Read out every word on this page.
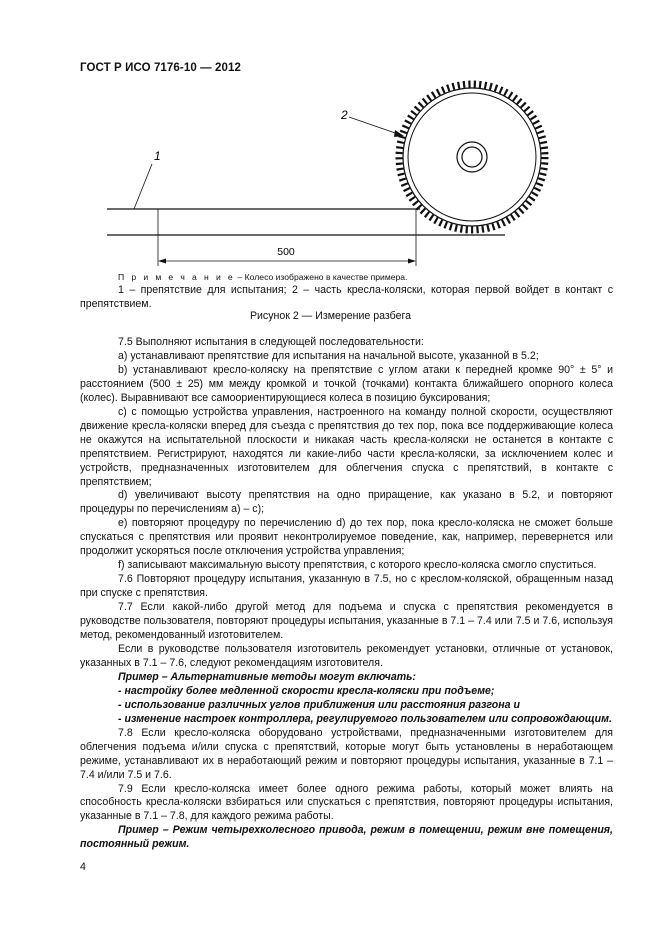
ГОСТ Р ИСО 7176-10 — 2012
500
1
2
П р и м е ч а н и е – Колесо изображено в качестве примера.
1 – препятствие для испытания; 2 – часть кресла-коляски, которая первой войдет в контакт с препятствием.
Рисунок 2 — Измерение разбега

7.5 Выполняют испытания в следующей последовательности:

a) устанавливают препятствие для испытания на начальной высоте, указанной в 5.2;

b) устанавливают кресло-коляску на препятствие с углом атаки к передней кромке 90° ± 5° и расстоянием (500 ± 25) мм между кромкой и точкой (точками) контакта ближайшего опорного колеса (колес). Выравнивают все самоориентирующиеся колеса в позицию буксирования;

c) с помощью устройства управления, настроенного на команду полной скорости, осуществляют движение кресла-коляски вперед для съезда с препятствия до тех пор, пока все поддерживающие колеса не окажутся на испытательной плоскости и никакая часть кресла-коляски не останется в контакте с препятствием. Регистрируют, находятся ли какие-либо части кресла-коляски, за исключением колес и устройств, предназначенных изготовителем для облегчения спуска с препятствий, в контакте с препятствием;

d) увеличивают высоту препятствия на одно приращение, как указано в 5.2, и повторяют процедуры по перечислениям a) – c);

e) повторяют процедуру по перечислению d) до тех пор, пока кресло-коляска не сможет больше спускаться с препятствия или проявит неконтролируемое поведение, как, например, перевернется или продолжит ускоряться после отключения устройства управления;

f) записывают максимальную высоту препятствия, с которого кресло-коляска смогло спуститься.

7.6 Повторяют процедуру испытания, указанную в 7.5, но с креслом-коляской, обращенным назад при спуске с препятствия.

7.7 Если какой-либо другой метод для подъема и спуска с препятствия рекомендуется в руководстве пользователя, повторяют процедуры испытания, указанные в 7.1 – 7.4 или 7.5 и 7.6, используя метод, рекомендованный изготовителем.

Если в руководстве пользователя изготовитель рекомендует установки, отличные от установок, указанных в 7.1 – 7.6, следуют рекомендациям изготовителя.

Пример – Альтернативные методы могут включать:

- настройку более медленной скорости кресла-коляски при подъеме;

- использование различных углов приближения или расстояния разгона и

- изменение настроек контроллера, регулируемого пользователем или сопровождающим.

7.8 Если кресло-коляска оборудовано устройствами, предназначенными изготовителем для облегчения подъема и/или спуска с препятствий, которые могут быть установлены в неработающем режиме, устанавливают их в неработающий режим и повторяют процедуры испытания, указанные в 7.1 – 7.4 и/или 7.5 и 7.6.

7.9 Если кресло-коляска имеет более одного режима работы, который может влиять на способность кресла-коляски взбираться или спускаться с препятствия, повторяют процедуры испытания, указанные в 7.1 – 7.8, для каждого режима работы.

Пример – Режим четырехколесного привода, режим в помещении, режим вне помещения, постоянный режим.

4
